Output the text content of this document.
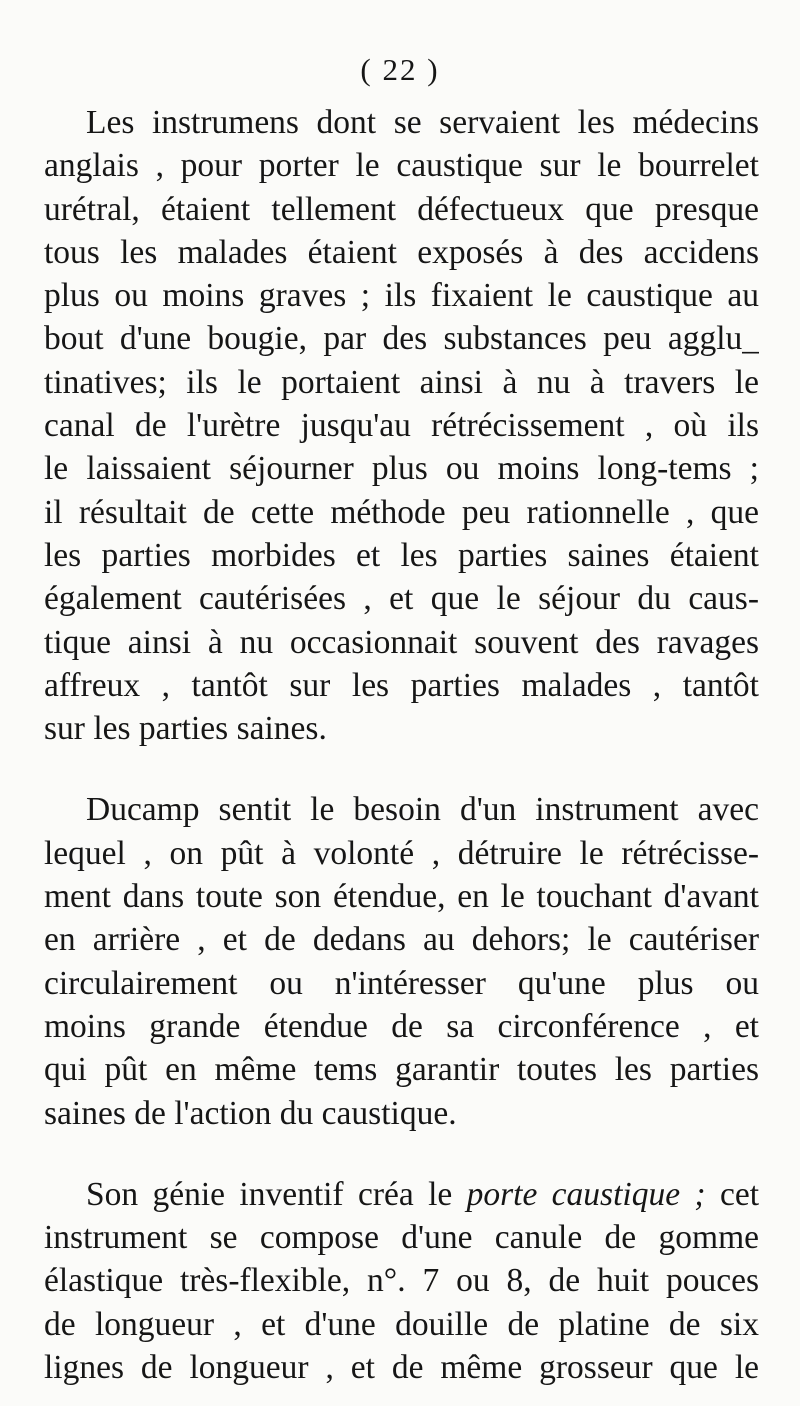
( 22 )
Les instrumens dont se servaient les médecins
anglais , pour porter le caustique sur le bourrelet
urétral, étaient tellement défectueux que presque
tous les malades étaient exposés à des accidens
plus ou moins graves ; ils fixaient le caustique au
bout d'une bougie, par des substances peu agglu_
tinatives; ils le portaient ainsi à nu à travers le
canal de l'urètre jusqu'au rétrécissement , où ils
le laissaient séjourner plus ou moins long-tems ;
il résultait de cette méthode peu rationnelle , que
les parties morbides et les parties saines étaient
également cautérisées , et que le séjour du caus-
tique ainsi à nu occasionnait souvent des ravages
affreux , tantôt sur les parties malades , tantôt
sur les parties saines.
Ducamp sentit le besoin d'un instrument avec
lequel , on pût à volonté , détruire le rétrécisse-
ment dans toute son étendue, en le touchant d'avant
en arrière , et de dedans au dehors; le cautériser
circulairement ou n'intéresser qu'une plus ou
moins grande étendue de sa circonférence , et
qui pût en même tems garantir toutes les parties
saines de l'action du caustique.
Son génie inventif créa le porte caustique ; cet
instrument se compose d'une canule de gomme
élastique très-flexible, n°. 7 ou 8, de huit pouces
de longueur , et d'une douille de platine de six
lignes de longueur , et de même grosseur que le
